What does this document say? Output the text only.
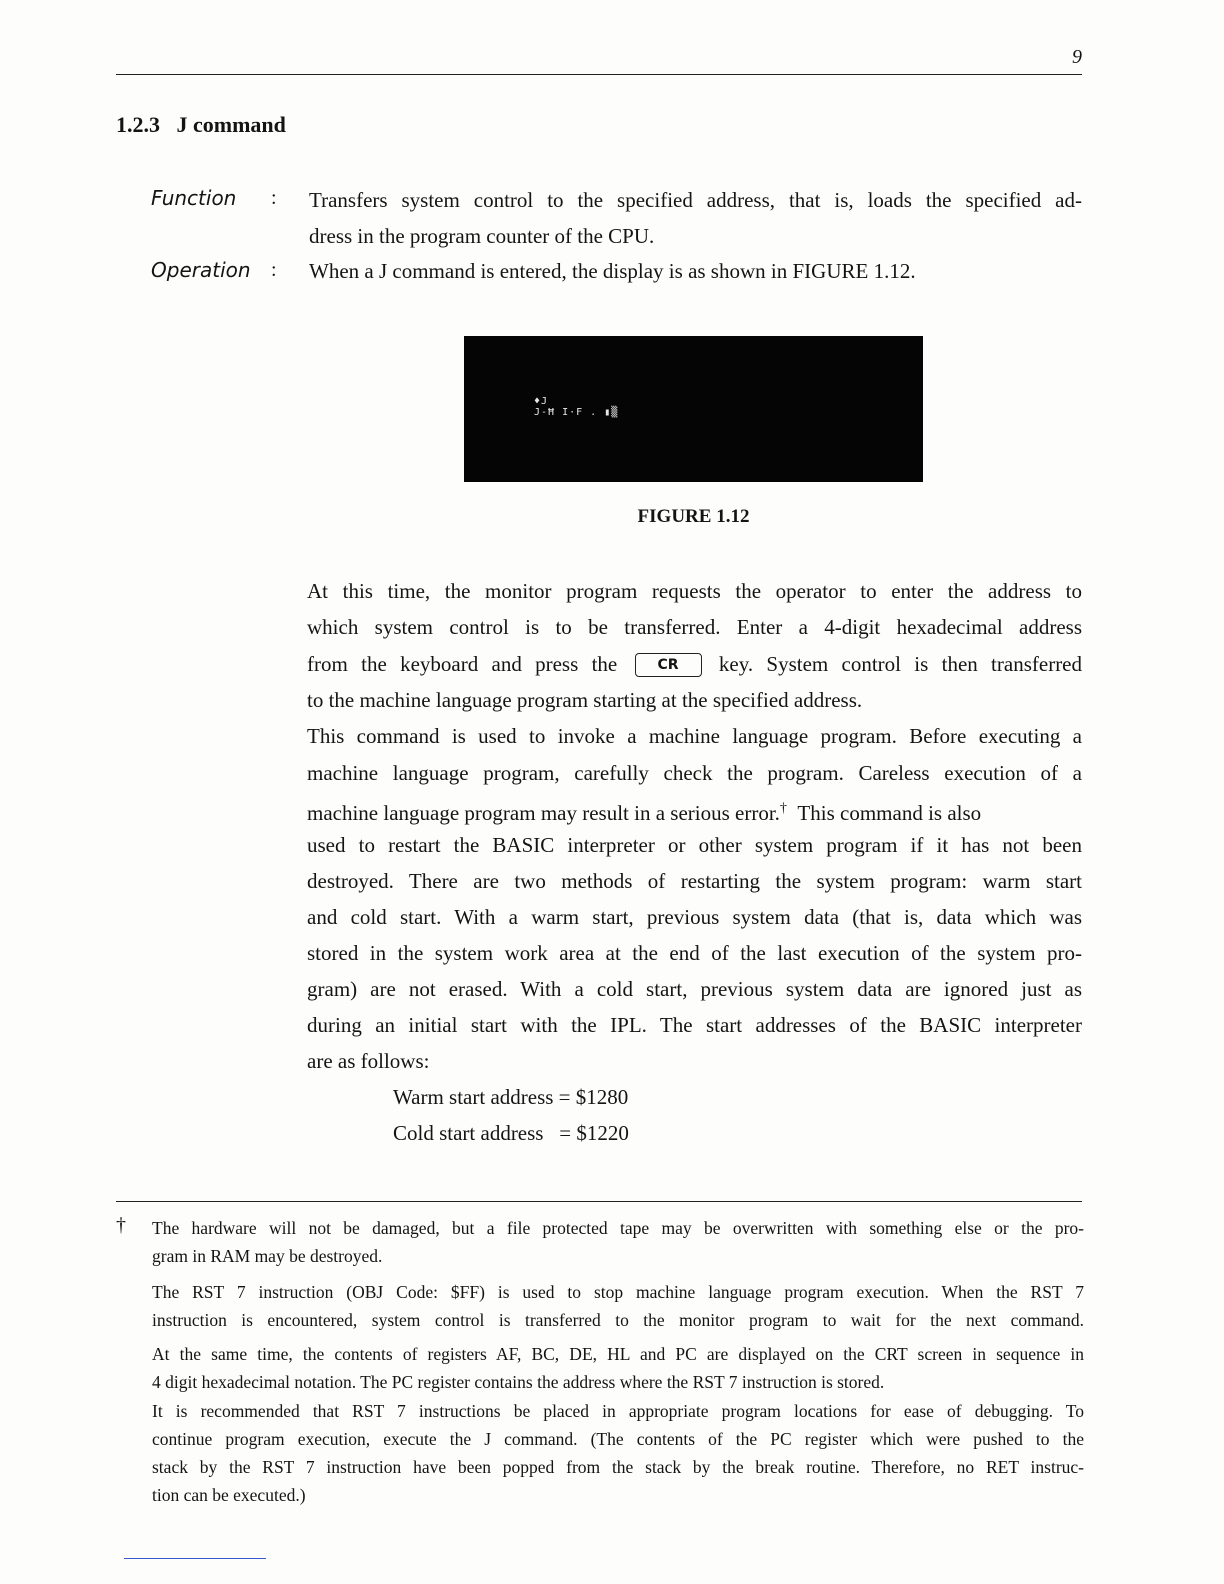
9
1.2.3   J command
Function : Transfers system control to the specified address, that is, loads the specified ad-
dress in the program counter of the CPU.
Operation : When a J command is entered, the display is as shown in FIGURE 1.12.
♦J
J-Ħ I·F . ▮▒
FIGURE 1.12
At this time, the monitor program requests the operator to enter the address to
which system control is to be transferred. Enter a 4-digit hexadecimal address
from the keyboard and press the	CR key. System control is then transferred
to the machine language program starting at the specified address.
This command is used to invoke a machine language program. Before executing a
machine language program, carefully check the program. Careless execution of a
machine language program may result in a serious error.† This command is also
used to restart the BASIC interpreter or other system program if it has not been
destroyed. There are two methods of restarting the system program: warm start
and cold start. With a warm start, previous system data (that is, data which was
stored in the system work area at the end of the last execution of the system pro-
gram) are not erased. With a cold start, previous system data are ignored just as
during an initial start with the IPL. The start addresses of the BASIC interpreter
are as follows:
Warm start address = $1280
Cold start address   = $1220
† The hardware will not be damaged, but a file protected tape may be overwritten with something else or the pro-
gram in RAM may be destroyed.
The RST 7 instruction (OBJ Code: $FF) is used to stop machine language program execution. When the RST 7
instruction is encountered, system control is transferred to the monitor program to wait for the next command.
At the same time, the contents of registers AF, BC, DE, HL and PC are displayed on the CRT screen in sequence in
4 digit hexadecimal notation. The PC register contains the address where the RST 7 instruction is stored.
It is recommended that RST 7 instructions be placed in appropriate program locations for ease of debugging. To
continue program execution, execute the J command. (The contents of the PC register which were pushed to the
stack by the RST 7 instruction have been popped from the stack by the break routine. Therefore, no RET instruc-
tion can be executed.)
